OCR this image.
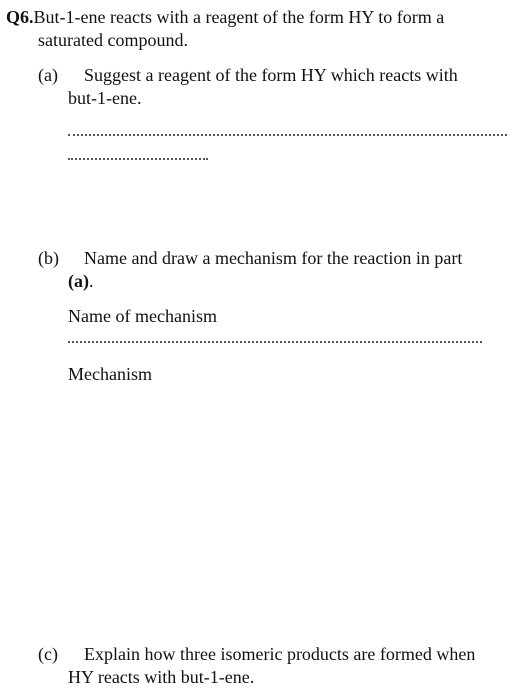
Q6.But-1-ene reacts with a reagent of the form HY to form a
saturated compound.
(a) Suggest a reagent of the form HY which reacts with
but-1-ene.
(b) Name and draw a mechanism for the reaction in part
(a).
Name of mechanism
Mechanism
(c) Explain how three isomeric products are formed when
HY reacts with but-1-ene.
